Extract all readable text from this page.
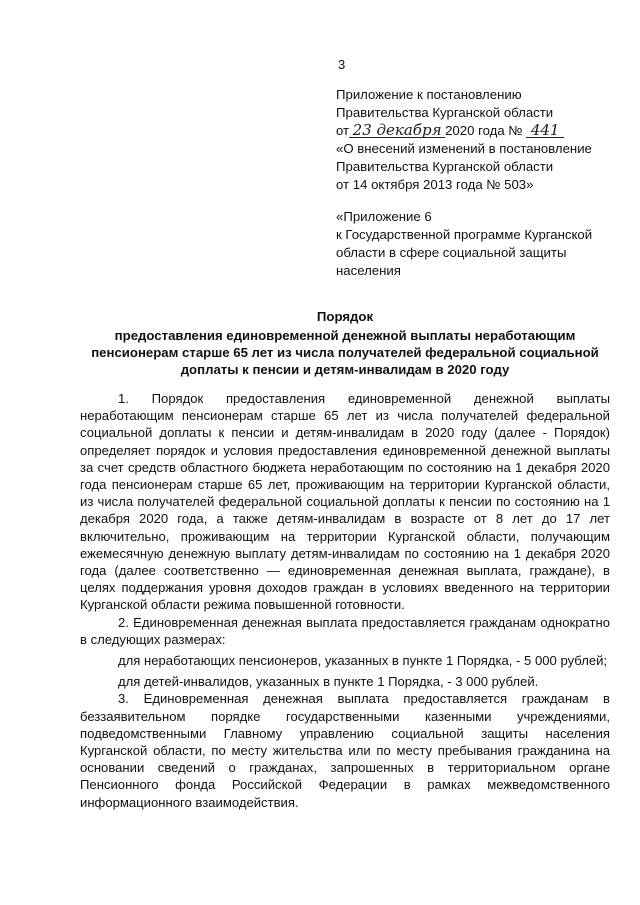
3
Приложение к постановлению
Правительства Курганской области
от 23 декабря 2020 года № 441
«О внесений изменений в постановление
Правительства Курганской области
от 14 октября 2013 года № 503»
«Приложение 6
к Государственной программе Курганской
области в сфере социальной защиты
населения
Порядок
предоставления единовременной денежной выплаты неработающим пенсионерам старше 65 лет из числа получателей федеральной социальной доплаты к пенсии и детям-инвалидам в 2020 году

1. Порядок предоставления единовременной денежной выплаты неработающим пенсионерам старше 65 лет из числа получателей федеральной социальной доплаты к пенсии и детям-инвалидам в 2020 году (далее - Порядок) определяет порядок и условия предоставления единовременной денежной выплаты за счет средств областного бюджета неработающим по состоянию на 1 декабря 2020 года пенсионерам старше 65 лет, проживающим на территории Курганской области, из числа получателей федеральной социальной доплаты к пенсии по состоянию на 1 декабря 2020 года, а также детям-инвалидам в возрасте от 8 лет до 17 лет включительно, проживающим на территории Курганской области, получающим ежемесячную денежную выплату детям-инвалидам по состоянию на 1 декабря 2020 года (далее соответственно — единовременная денежная выплата, граждане), в целях поддержания уровня доходов граждан в условиях введенного на территории Курганской области режима повышенной готовности.

2. Единовременная денежная выплата предоставляется гражданам однократно в следующих размерах:

для неработающих пенсионеров, указанных в пункте 1 Порядка, - 5 000 рублей;

для детей-инвалидов, указанных в пункте 1 Порядка, - 3 000 рублей.

3. Единовременная денежная выплата предоставляется гражданам в беззаявительном порядке государственными казенными учреждениями, подведомственными Главному управлению социальной защиты населения Курганской области, по месту жительства или по месту пребывания гражданина на основании сведений о гражданах, запрошенных в территориальном органе Пенсионного фонда Российской Федерации в рамках межведомственного информационного взаимодействия.
